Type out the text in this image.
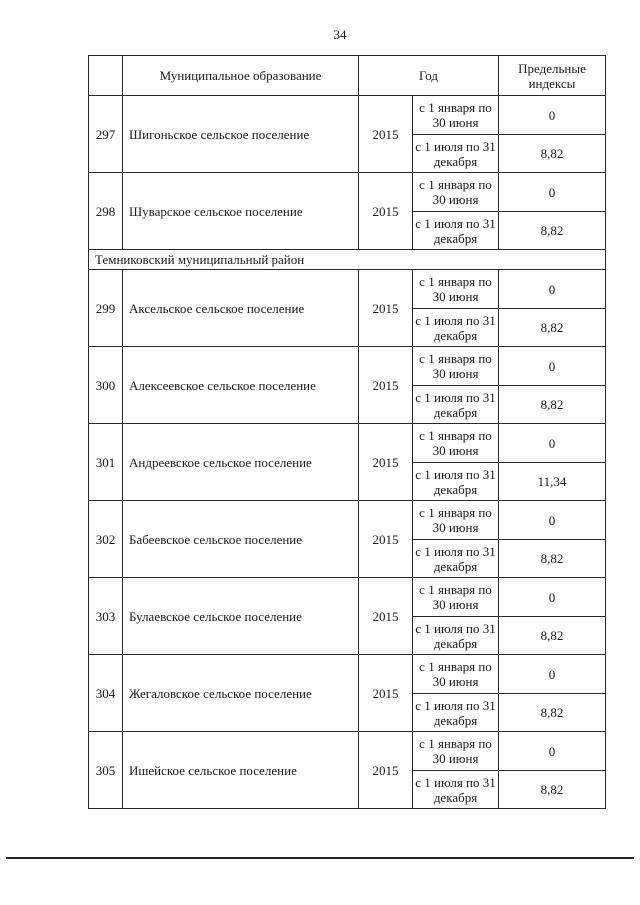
34
	Муниципальное образование	Год		Предельные индексы
297	Шигоньское сельское поселение	2015	с 1 января по 30 июня	0
			с 1 июля по 31 декабря	8,82
298	Шуварское сельское поселение	2015	с 1 января по 30 июня	0
			с 1 июля по 31 декабря	8,82
Темниковский муниципальный район				
299	Аксельское сельское поселение	2015	с 1 января по 30 июня	0
			с 1 июля по 31 декабря	8,82
300	Алексеевское сельское поселение	2015	с 1 января по 30 июня	0
			с 1 июля по 31 декабря	8,82
301	Андреевское сельское поселение	2015	с 1 января по 30 июня	0
			с 1 июля по 31 декабря	11,34
302	Бабеевское сельское поселение	2015	с 1 января по 30 июня	0
			с 1 июля по 31 декабря	8,82
303	Булаевское сельское поселение	2015	с 1 января по 30 июня	0
			с 1 июля по 31 декабря	8,82
304	Жегаловское сельское поселение	2015	с 1 января по 30 июня	0
			с 1 июля по 31 декабря	8,82
305	Ишейское сельское поселение	2015	с 1 января по 30 июня	0
			с 1 июля по 31 декабря	8,82
